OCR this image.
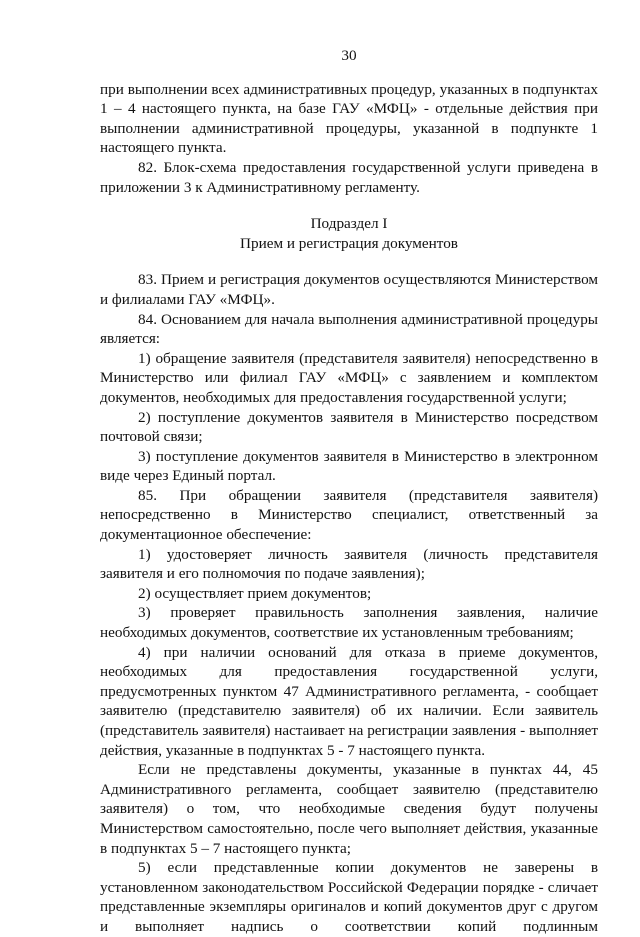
30

при выполнении всех административных процедур, указанных в подпунктах 1 – 4 настоящего пункта, на базе ГАУ «МФЦ» - отдельные действия при выполнении административной процедуры, указанной в подпункте 1 настоящего пункта.

82. Блок-схема предоставления государственной услуги приведена в приложении 3 к Административному регламенту.

Подраздел I

Прием и регистрация документов

83. Прием и регистрация документов осуществляются Министерством и филиалами ГАУ «МФЦ».

84. Основанием для начала выполнения административной процедуры является:

1) обращение заявителя (представителя заявителя) непосредственно в Министерство или филиал ГАУ «МФЦ» с заявлением и комплектом документов, необходимых для предоставления государственной услуги;

2) поступление документов заявителя в Министерство посредством почтовой связи;

3) поступление документов заявителя в Министерство в электронном виде через Единый портал.

85. При обращении заявителя (представителя заявителя) непосредственно в Министерство специалист, ответственный за документационное обеспечение:

1) удостоверяет личность заявителя (личность представителя заявителя и его полномочия по подаче заявления);

2) осуществляет прием документов;

3) проверяет правильность заполнения заявления, наличие необходимых документов, соответствие их установленным требованиям;

4) при наличии оснований для отказа в приеме документов, необходимых для предоставления государственной услуги, предусмотренных пунктом 47 Административного регламента, - сообщает заявителю (представителю заявителя) об их наличии. Если заявитель (представитель заявителя) настаивает на регистрации заявления - выполняет действия, указанные в подпунктах 5 - 7 настоящего пункта.

Если не представлены документы, указанные в пунктах 44, 45 Административного регламента, сообщает заявителю (представителю заявителя) о том, что необходимые сведения будут получены Министерством самостоятельно, после чего выполняет действия, указанные в подпунктах 5 – 7 настоящего пункта;

5) если представленные копии документов не заверены в установленном законодательством Российской Федерации порядке - сличает представленные экземпляры оригиналов и копий документов друг с другом и выполняет надпись о соответствии копий подлинным
